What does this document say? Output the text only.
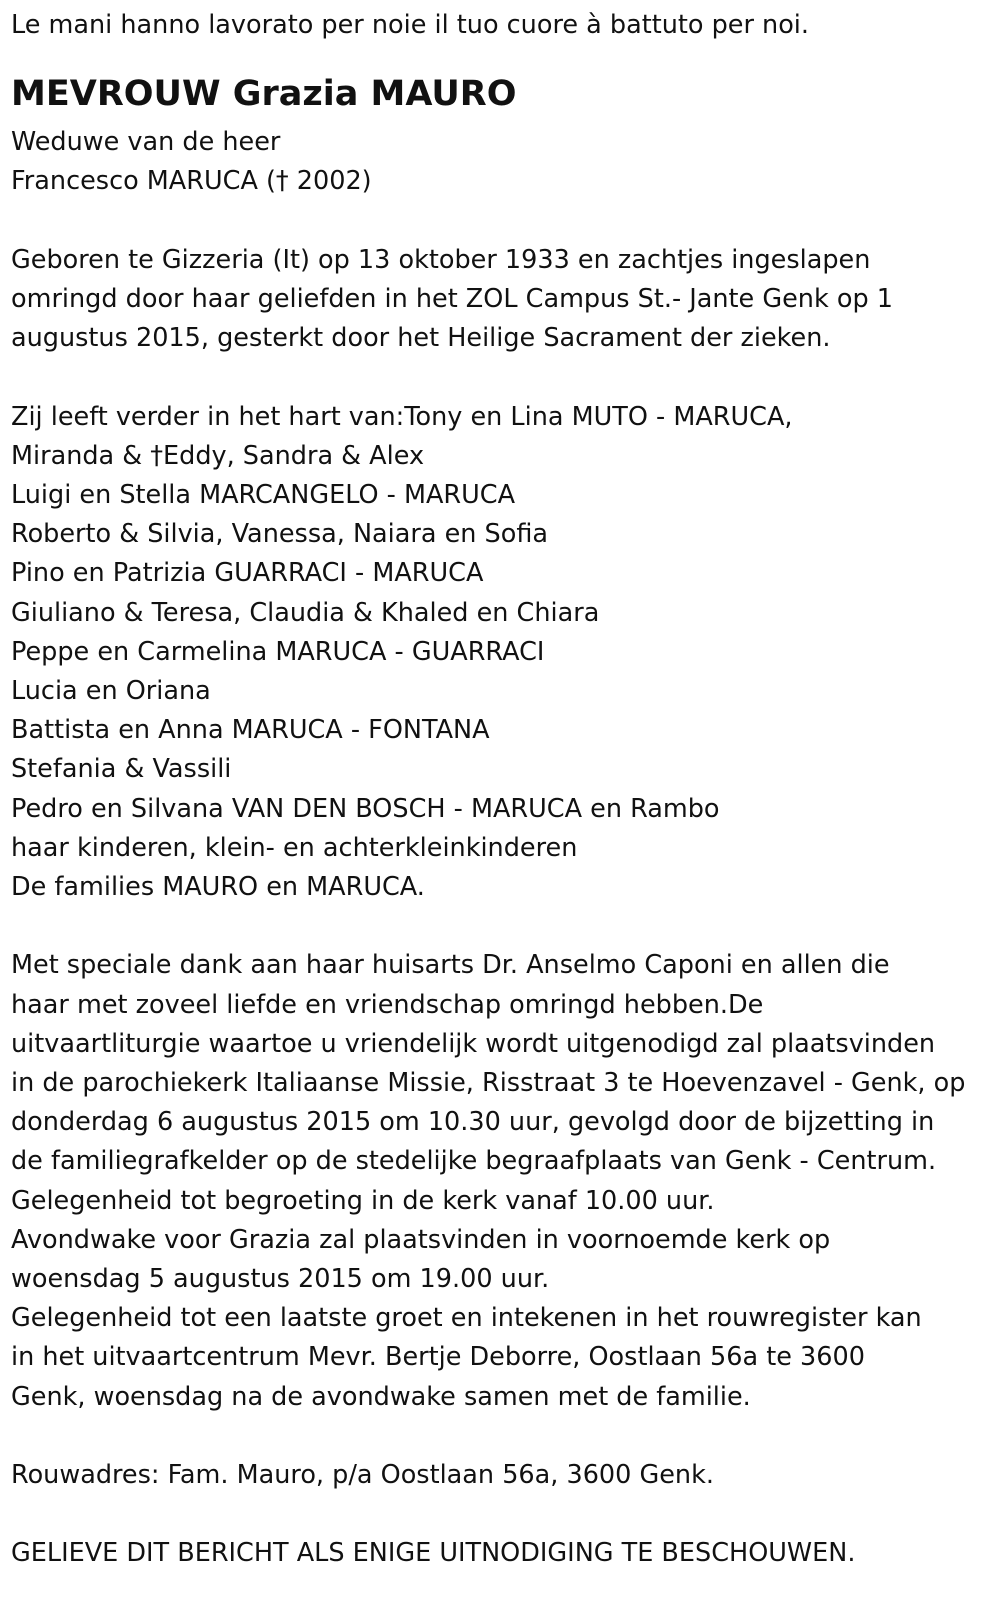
Le mani hanno lavorato per noie il tuo cuore à battuto per noi.
MEVROUW Grazia MAURO
Weduwe van de heer
Francesco MARUCA († 2002)
Geboren te Gizzeria (It) op 13 oktober 1933 en zachtjes ingeslapen
omringd door haar geliefden in het ZOL Campus St.- Jante Genk op 1
augustus 2015, gesterkt door het Heilige Sacrament der zieken.
Zij leeft verder in het hart van:Tony en Lina MUTO - MARUCA,
Miranda & †Eddy, Sandra & Alex
Luigi en Stella MARCANGELO - MARUCA
Roberto & Silvia, Vanessa, Naiara en Sofia
Pino en Patrizia GUARRACI - MARUCA
Giuliano & Teresa, Claudia & Khaled en Chiara
Peppe en Carmelina MARUCA - GUARRACI
Lucia en Oriana
Battista en Anna MARUCA - FONTANA
Stefania & Vassili
Pedro en Silvana VAN DEN BOSCH - MARUCA en Rambo
haar kinderen, klein- en achterkleinkinderen
De families MAURO en MARUCA.
Met speciale dank aan haar huisarts Dr. Anselmo Caponi en allen die
haar met zoveel liefde en vriendschap omringd hebben.De
uitvaartliturgie waartoe u vriendelijk wordt uitgenodigd zal plaatsvinden
in de parochiekerk Italiaanse Missie, Risstraat 3 te Hoevenzavel - Genk, op
donderdag 6 augustus 2015 om 10.30 uur, gevolgd door de bijzetting in
de familiegrafkelder op de stedelijke begraafplaats van Genk - Centrum.
Gelegenheid tot begroeting in de kerk vanaf 10.00 uur.
Avondwake voor Grazia zal plaatsvinden in voornoemde kerk op
woensdag 5 augustus 2015 om 19.00 uur.
Gelegenheid tot een laatste groet en intekenen in het rouwregister kan
in het uitvaartcentrum Mevr. Bertje Deborre, Oostlaan 56a te 3600
Genk, woensdag na de avondwake samen met de familie.
Rouwadres: Fam. Mauro, p/a Oostlaan 56a, 3600 Genk.
GELIEVE DIT BERICHT ALS ENIGE UITNODIGING TE BESCHOUWEN.
